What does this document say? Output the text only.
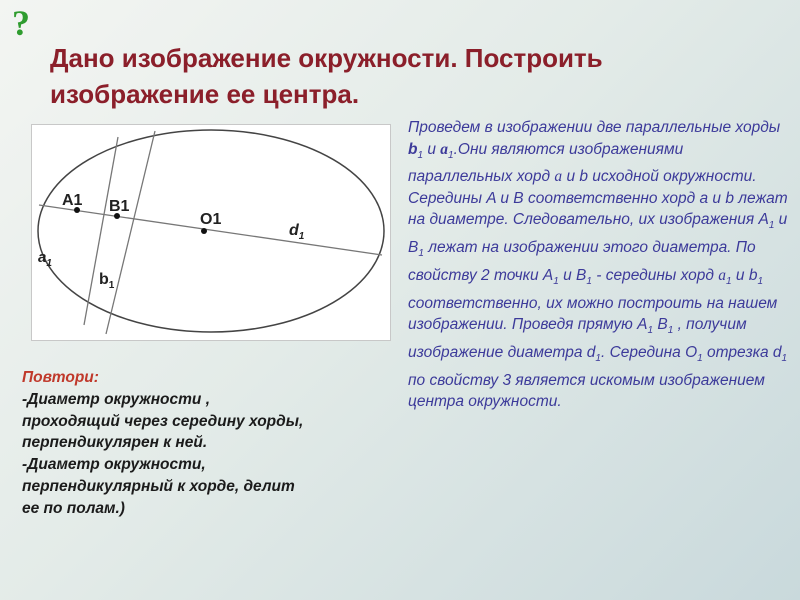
?
Дано изображение окружности. Построить
изображение ее центра.
A1 B1
O1
$d_1$
$a_1$
$b_1$
Проведем в изображении две параллельные хорды $b_1$ и $a_1.Они$ являются изображениями параллельных хорд a и b исходной окружности. Середины A и B соответственно хорд a и b лежат на диаметре. Следовательно, их изображения $A_1$ и $B_1$ лежат на изображении этого диаметра. По свойству 2 точки $A_1$ и $B_1$ - середины хорд $a_1$ и $b_1$ соответственно, их можно построить на нашем изображении. Проведя прямую $A_1$ $B_1$ , получим изображение диаметра $d_1$. Середина $O_1$ отрезка $d_1$ по свойству 3 является искомым изображением центра окружности.
Повтори:
-Диаметр окружности ,
проходящий через середину хорды,
перпендикулярен к ней.
-Диаметр окружности,
перпендикулярный к хорде, делит
ее по полам.)
